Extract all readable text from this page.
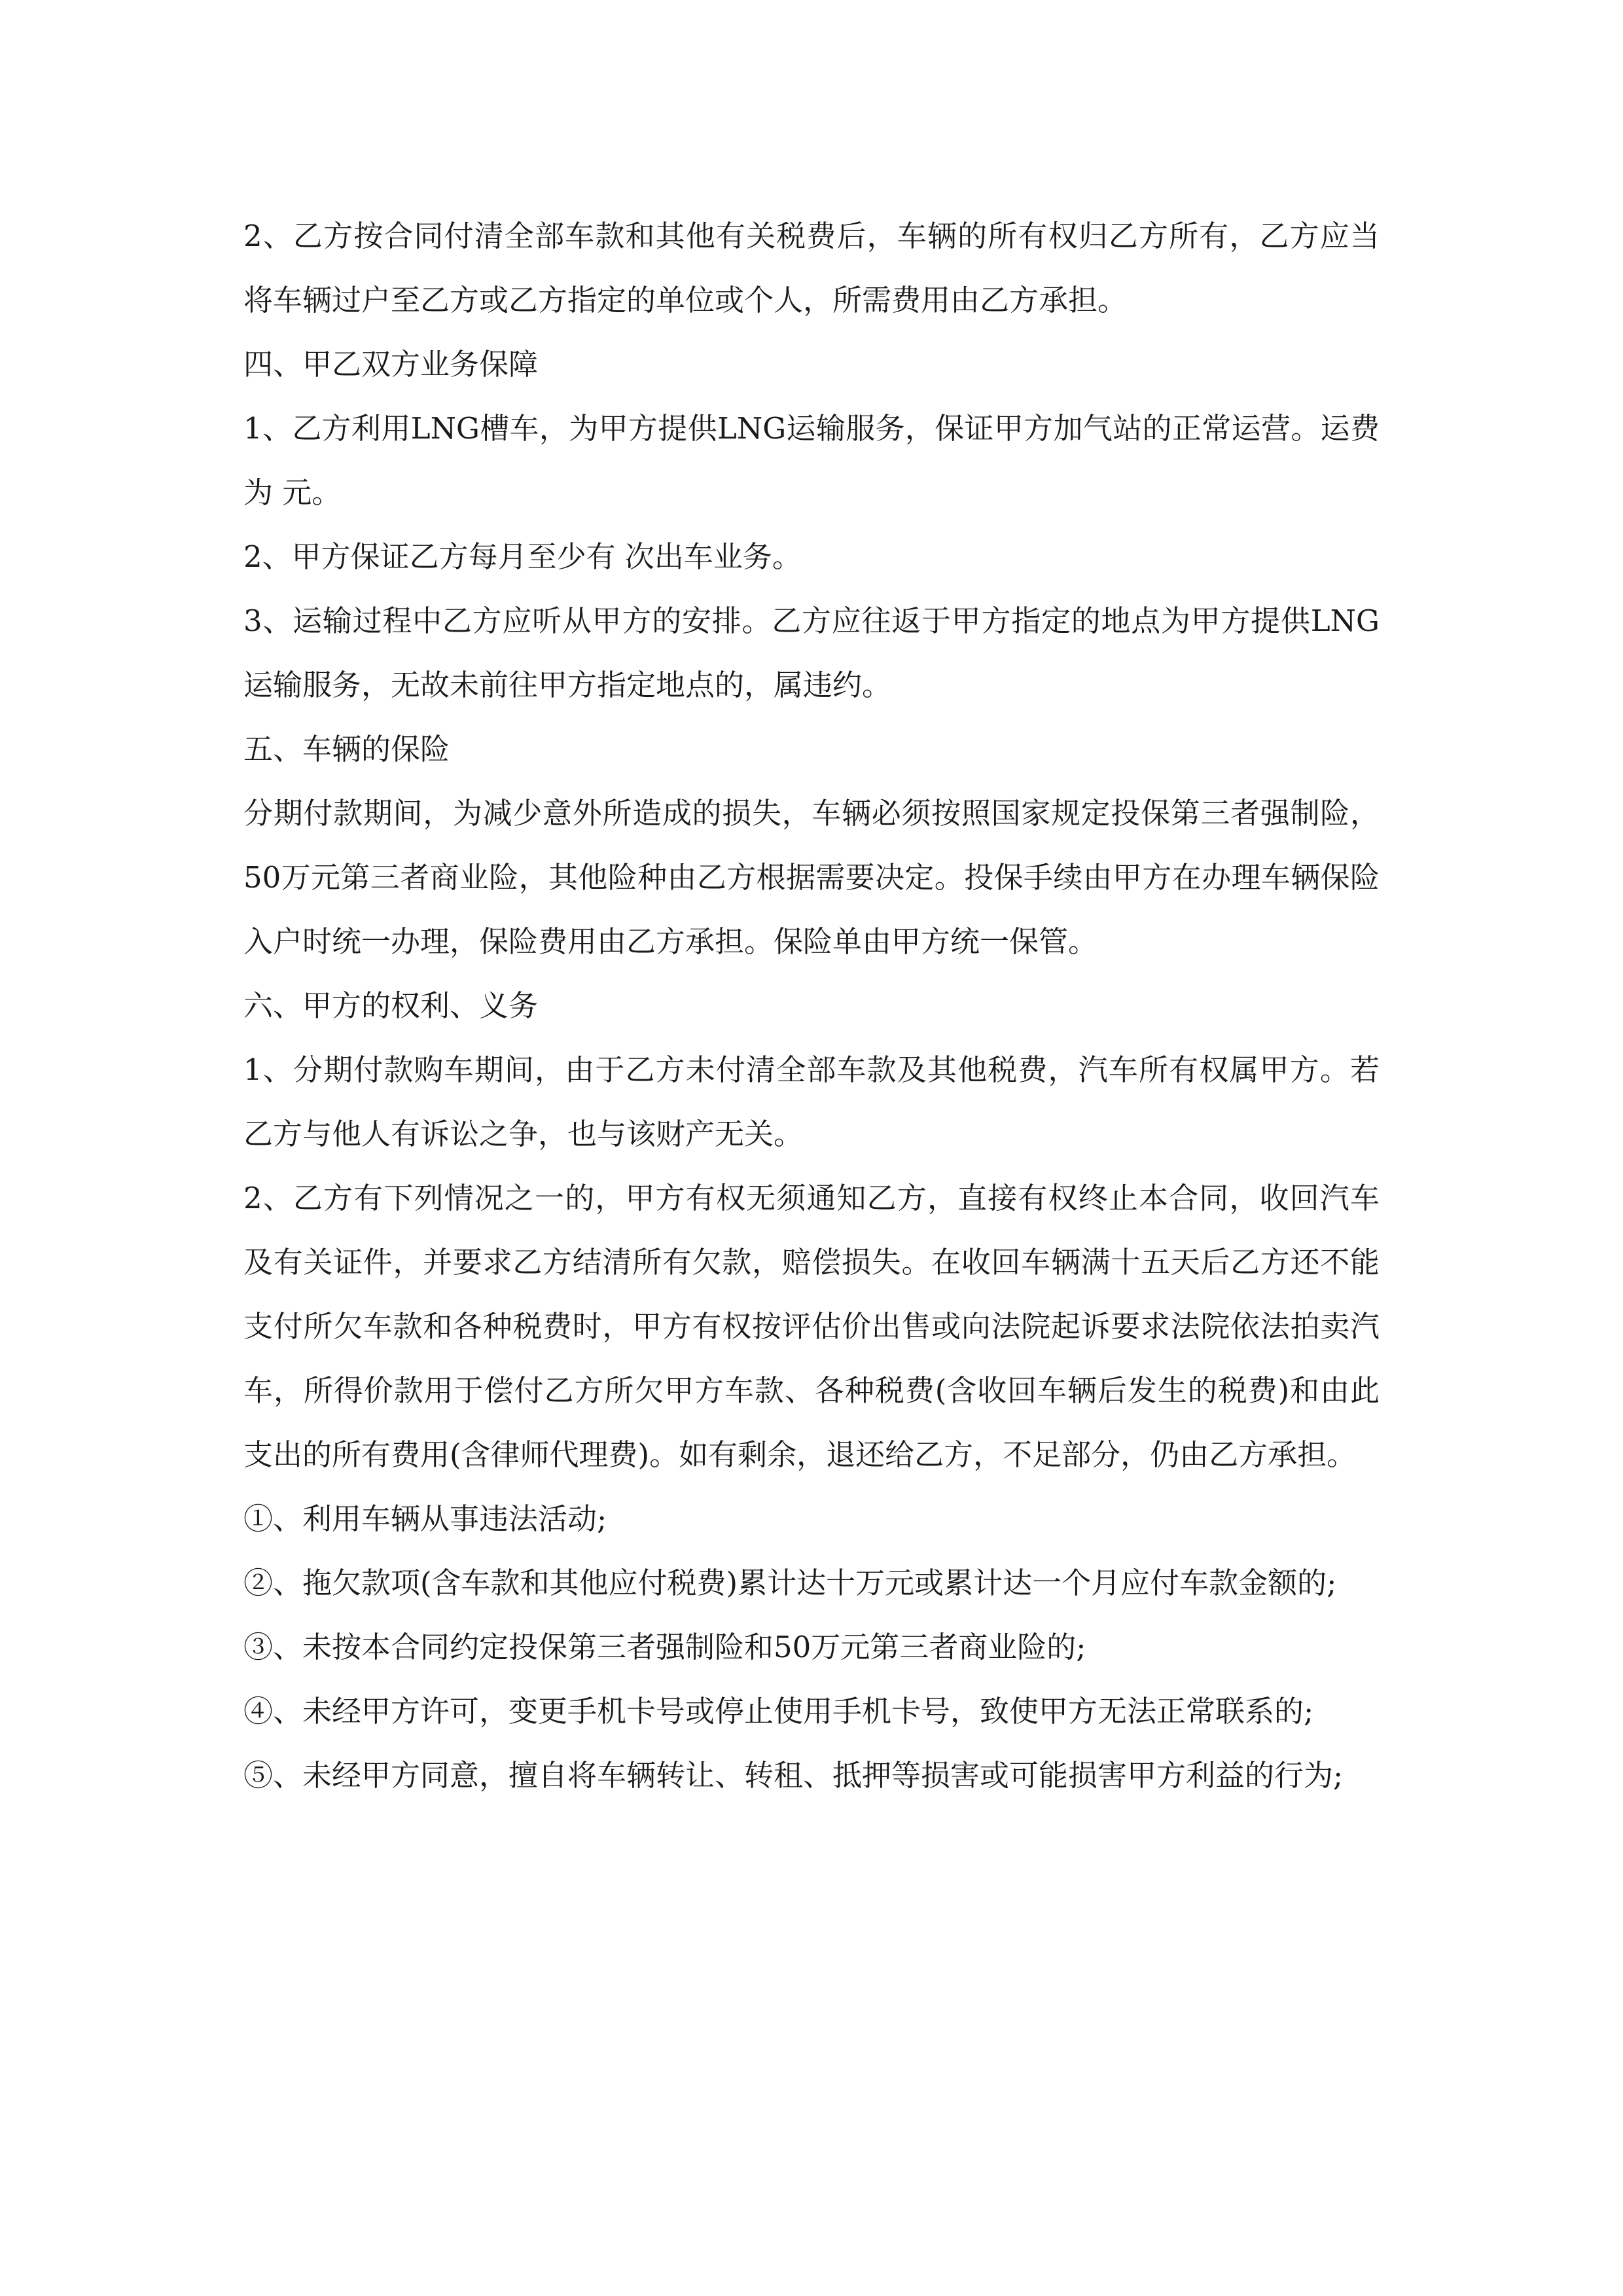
2、乙方按合同付清全部车款和其他有关税费后，车辆的所有权归乙方所有，乙方应当将车辆过户至乙方或乙方指定的单位或个人，所需费用由乙方承担。

四、甲乙双方业务保障

1、乙方利用LNG槽车，为甲方提供LNG运输服务，保证甲方加气站的正常运营。运费为 元。

2、甲方保证乙方每月至少有 次出车业务。

3、运输过程中乙方应听从甲方的安排。乙方应往返于甲方指定的地点为甲方提供LNG运输服务，无故未前往甲方指定地点的，属违约。

五、车辆的保险

分期付款期间，为减少意外所造成的损失，车辆必须按照国家规定投保第三者强制险，50万元第三者商业险，其他险种由乙方根据需要决定。投保手续由甲方在办理车辆保险入户时统一办理，保险费用由乙方承担。保险单由甲方统一保管。

六、甲方的权利、义务

1、分期付款购车期间，由于乙方未付清全部车款及其他税费，汽车所有权属甲方。若乙方与他人有诉讼之争，也与该财产无关。

2、乙方有下列情况之一的，甲方有权无须通知乙方，直接有权终止本合同，收回汽车及有关证件，并要求乙方结清所有欠款，赔偿损失。在收回车辆满十五天后乙方还不能支付所欠车款和各种税费时，甲方有权按评估价出售或向法院起诉要求法院依法拍卖汽车，所得价款用于偿付乙方所欠甲方车款、各种税费(含收回车辆后发生的税费)和由此支出的所有费用(含律师代理费)。如有剩余，退还给乙方，不足部分，仍由乙方承担。

①、利用车辆从事违法活动;

②、拖欠款项(含车款和其他应付税费)累计达十万元或累计达一个月应付车款金额的;

③、未按本合同约定投保第三者强制险和50万元第三者商业险的;

④、未经甲方许可，变更手机卡号或停止使用手机卡号，致使甲方无法正常联系的;

⑤、未经甲方同意，擅自将车辆转让、转租、抵押等损害或可能损害甲方利益的行为;
